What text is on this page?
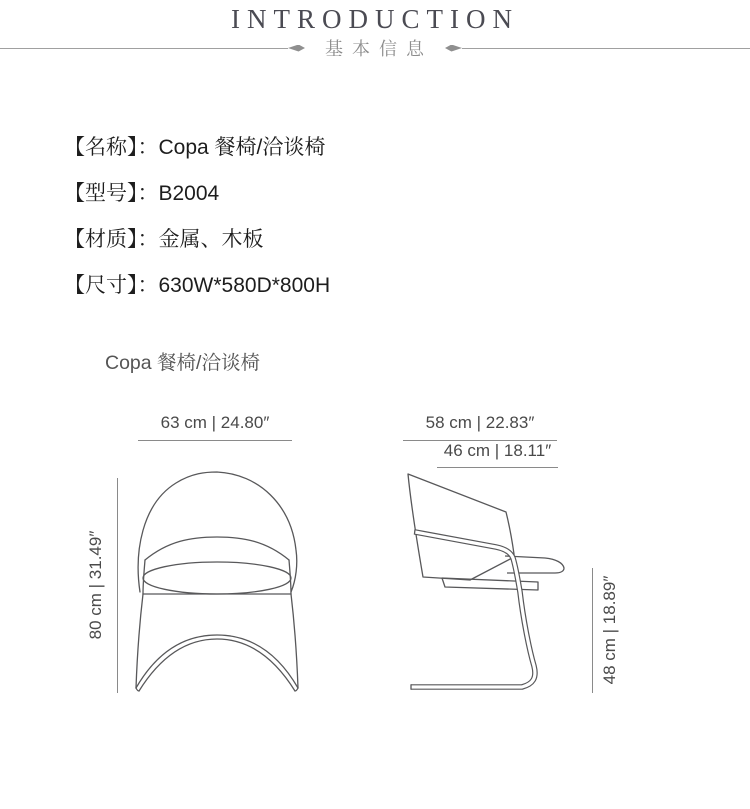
INTRODUCTION
基本信息
【名称】：Copa 餐椅/洽谈椅
【型号】：B2004
【材质】：金属、木板
【尺寸】：630W*580D*800H
Copa 餐椅/洽谈椅
63 cm | 24.80″
80 cm | 31.49″
58 cm | 22.83″
46 cm | 18.11″
48 cm | 18.89″
